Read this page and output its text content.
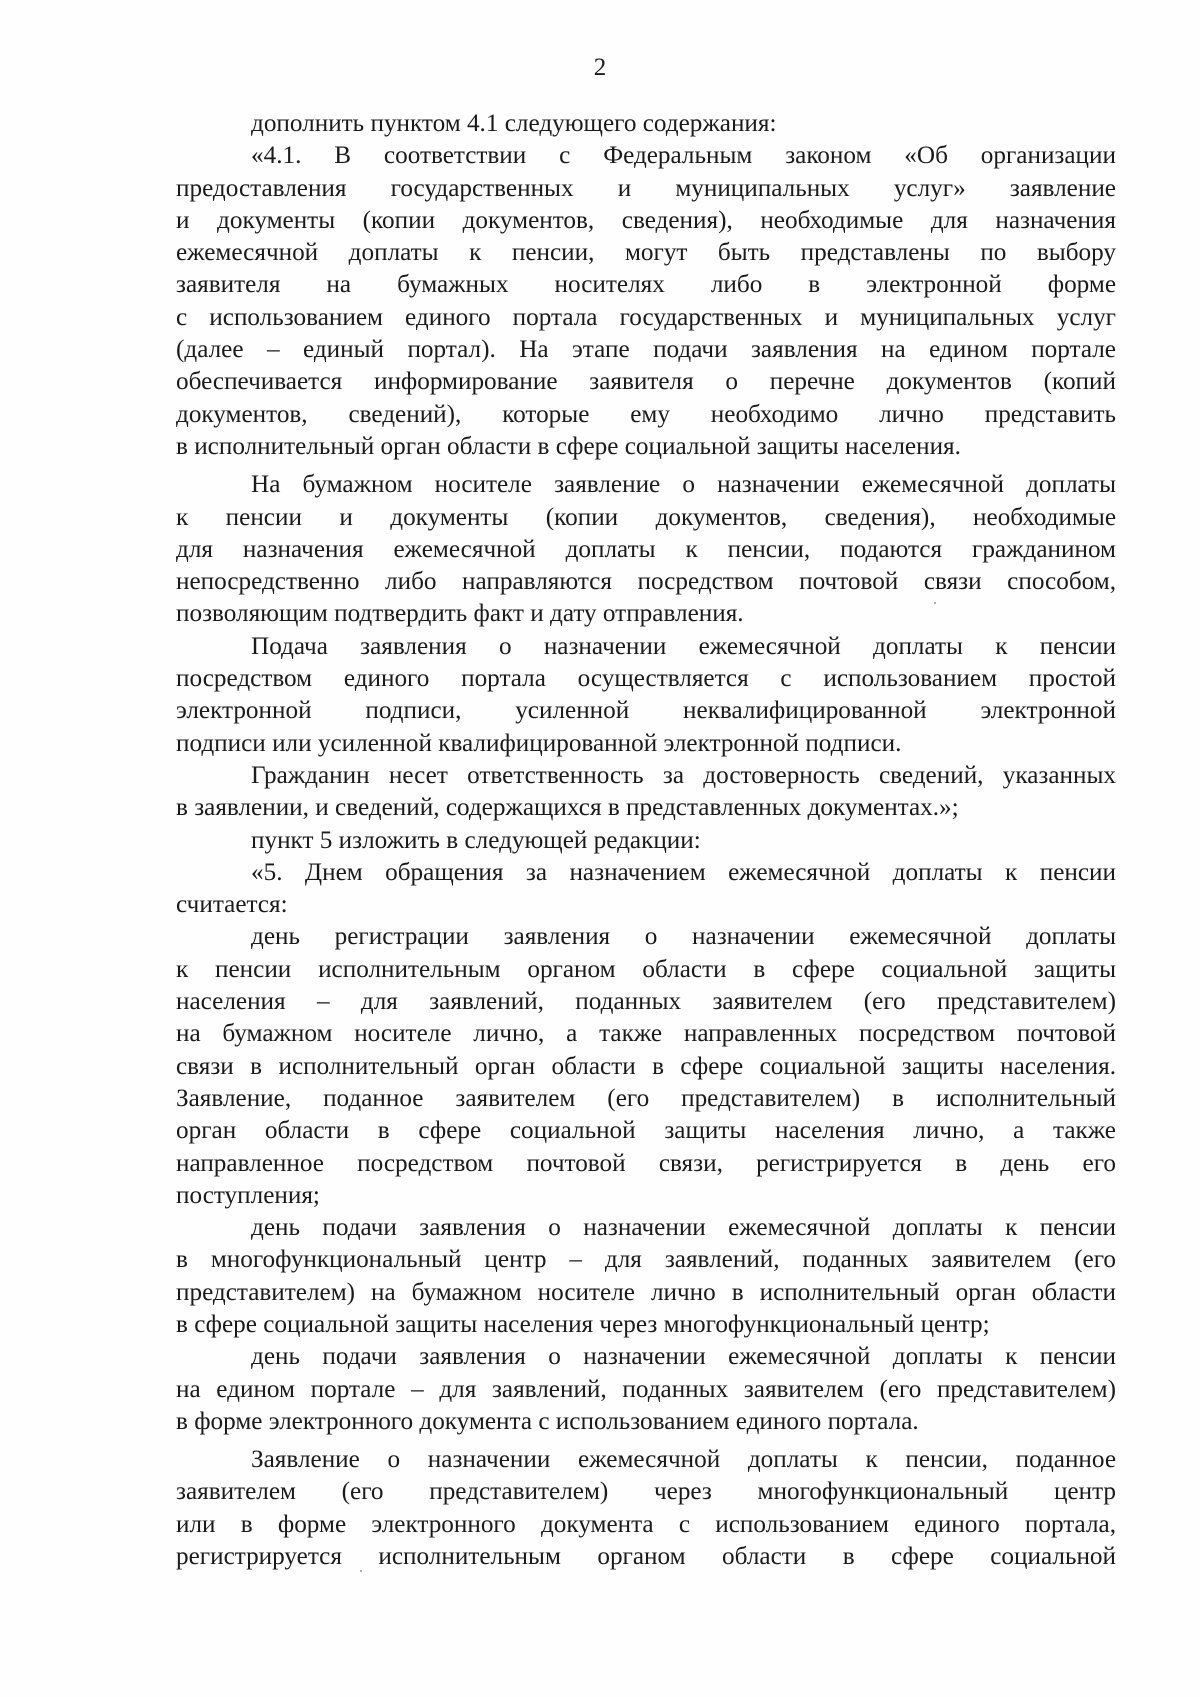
2
дополнить пунктом 4.1 следующего содержания:
«4.1. В соответствии с Федеральным законом «Об организации
предоставления государственных и муниципальных услуг» заявление
и документы (копии документов, сведения), необходимые для назначения
ежемесячной доплаты к пенсии, могут быть представлены по выбору
заявителя на бумажных носителях либо в электронной форме
с использованием единого портала государственных и муниципальных услуг
(далее – единый портал). На этапе подачи заявления на едином портале
обеспечивается информирование заявителя о перечне документов (копий
документов, сведений), которые ему необходимо лично представить
в исполнительный орган области в сфере социальной защиты населения.
На бумажном носителе заявление о назначении ежемесячной доплаты
к пенсии и документы (копии документов, сведения), необходимые
для назначения ежемесячной доплаты к пенсии, подаются гражданином
непосредственно либо направляются посредством почтовой связи способом,
позволяющим подтвердить факт и дату отправления.
Подача заявления о назначении ежемесячной доплаты к пенсии
посредством единого портала осуществляется с использованием простой
электронной подписи, усиленной неквалифицированной электронной
подписи или усиленной квалифицированной электронной подписи.
Гражданин несет ответственность за достоверность сведений, указанных
в заявлении, и сведений, содержащихся в представленных документах.»;
пункт 5 изложить в следующей редакции:
«5. Днем обращения за назначением ежемесячной доплаты к пенсии
считается:
день регистрации заявления о назначении ежемесячной доплаты
к пенсии исполнительным органом области в сфере социальной защиты
населения – для заявлений, поданных заявителем (его представителем)
на бумажном носителе лично, а также направленных посредством почтовой
связи в исполнительный орган области в сфере социальной защиты населения.
Заявление, поданное заявителем (его представителем) в исполнительный
орган области в сфере социальной защиты населения лично, а также
направленное посредством почтовой связи, регистрируется в день его
поступления;
день подачи заявления о назначении ежемесячной доплаты к пенсии
в многофункциональный центр – для заявлений, поданных заявителем (его
представителем) на бумажном носителе лично в исполнительный орган области
в сфере социальной защиты населения через многофункциональный центр;
день подачи заявления о назначении ежемесячной доплаты к пенсии
на едином портале – для заявлений, поданных заявителем (его представителем)
в форме электронного документа с использованием единого портала.
Заявление о назначении ежемесячной доплаты к пенсии, поданное
заявителем (его представителем) через многофункциональный центр
или в форме электронного документа с использованием единого портала,
регистрируется исполнительным органом области в сфере социальной
